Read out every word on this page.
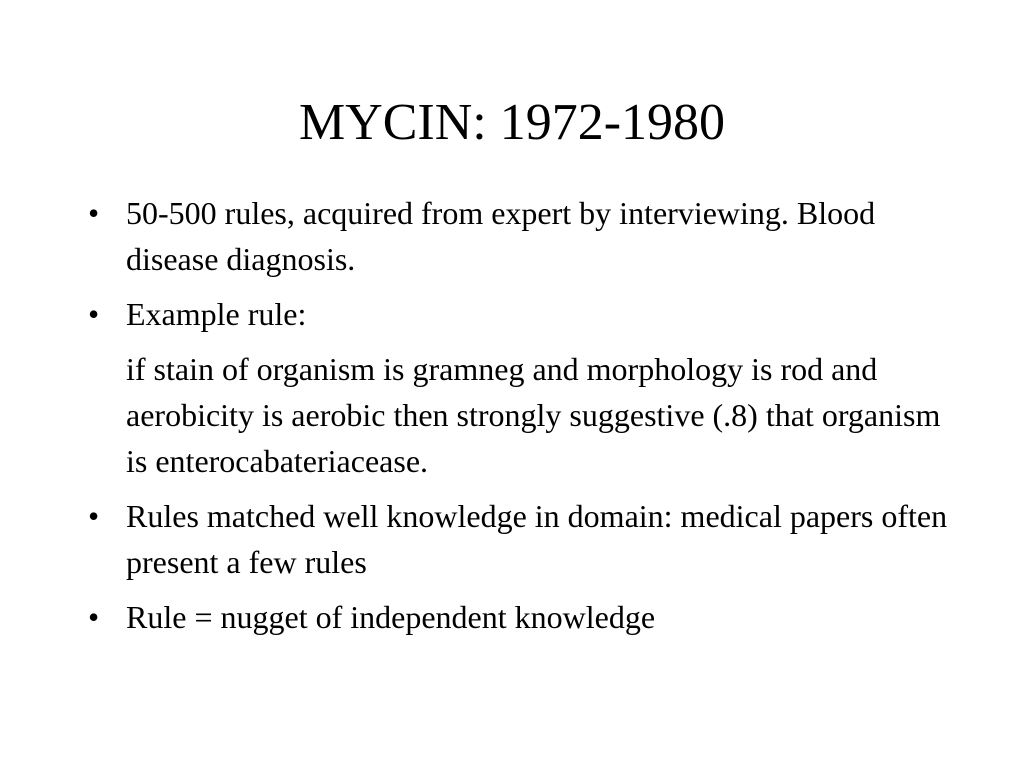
MYCIN: 1972-1980
• 50-500 rules, acquired from expert by interviewing. Blood disease diagnosis.
• Example rule:
if stain of organism is gramneg and morphology is rod and aerobicity is aerobic then strongly suggestive (.8) that organism is enterocabateriacease.
• Rules matched well knowledge in domain: medical papers often present a few rules
• Rule = nugget of independent knowledge
